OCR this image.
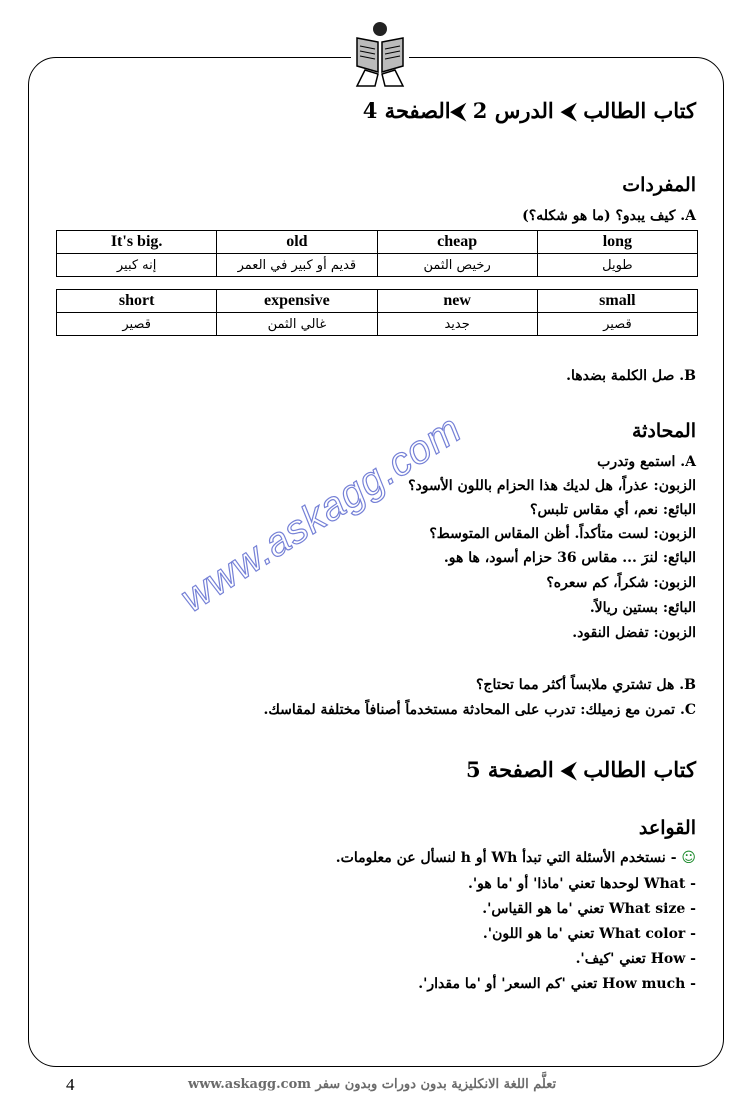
www.askagg.com
كتاب الطالب ⮜ الدرس 2 ⮜الصفحة 4
المفردات
A. كيف يبدو؟ (ما هو شكله؟)
It's big.	old	cheap	long
إنه كبير	قديم أو كبير في العمر	رخيص الثمن	طويل
short	expensive	new	small
قصير	غالي الثمن	جديد	قصير
B. صل الكلمة بضدها.
المحادثة
A. استمع وتدرب
الزبون: عذراً، هل لديك هذا الحزام باللون الأسود؟
البائع: نعم، أي مقاس تلبس؟
الزبون: لست متأكداً. أظن المقاس المتوسط؟
البائع: لنرَ ... مقاس 36 حزام أسود، ها هو.
الزبون: شكراً، كم سعره؟
البائع: بستين ريالاً.
الزبون: تفضل النقود.
B. هل تشتري ملابساً أكثر مما تحتاج؟
C. تمرن مع زميلك: تدرب على المحادثة مستخدماً أصنافاً مختلفة لمقاسك.
كتاب الطالب ⮜ الصفحة 5
القواعد
☺ - نستخدم الأسئلة التي تبدأ Wh أو h لنسأل عن معلومات.
- What لوحدها تعني 'ماذا' أو 'ما هو'.
- What size تعني 'ما هو القياس'.
- What color تعني 'ما هو اللون'.
- How تعني 'كيف'.
- How much تعني 'كم السعر' أو 'ما مقدار'.
4	www.askagg.com تعلَّم اللغة الانكليزية بدون دورات وبدون سفر
